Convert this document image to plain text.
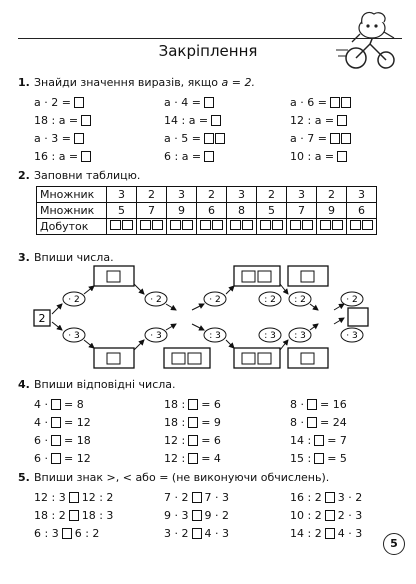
Закріплення
1. Знайди значення виразів, якщо а = 2.
а · 2 =
18 : а =
а · 3 =
16 : а =
а · 4 =
14 : а =
а · 5 =
6 : а =
а · 6 =
12 : а =
а · 7 =
10 : а =
2. Заповни таблицю.
Множник	3	2	3	2	3	2	3	2	3
Множник	5	7	9	6	8	5	7	9	6
Добуток	

3. Впиши числа.
2
· 2	· 2	· 2	: 2 : 2	· 2
· 3	· 3	: 3	: 3 : 3	· 3
4. Впиши відповідні числа.
4 · = 8
4 · = 12
6 · = 18
6 · = 12
18 : = 6
18 : = 9
12 : = 6
12 : = 4
8 · = 16
8 · = 24
14 : = 7
15 : = 5
5. Впиши знак >, < або = (не виконуючи обчислень).
12 : 3 12 : 2
18 : 2 18 : 3
6 : 3 6 : 2
7 · 2 7 · 3
9 · 3 9 · 2
3 · 2 4 · 3
16 : 2 3 · 2
10 : 2 2 · 3
14 : 2 4 · 3
5
